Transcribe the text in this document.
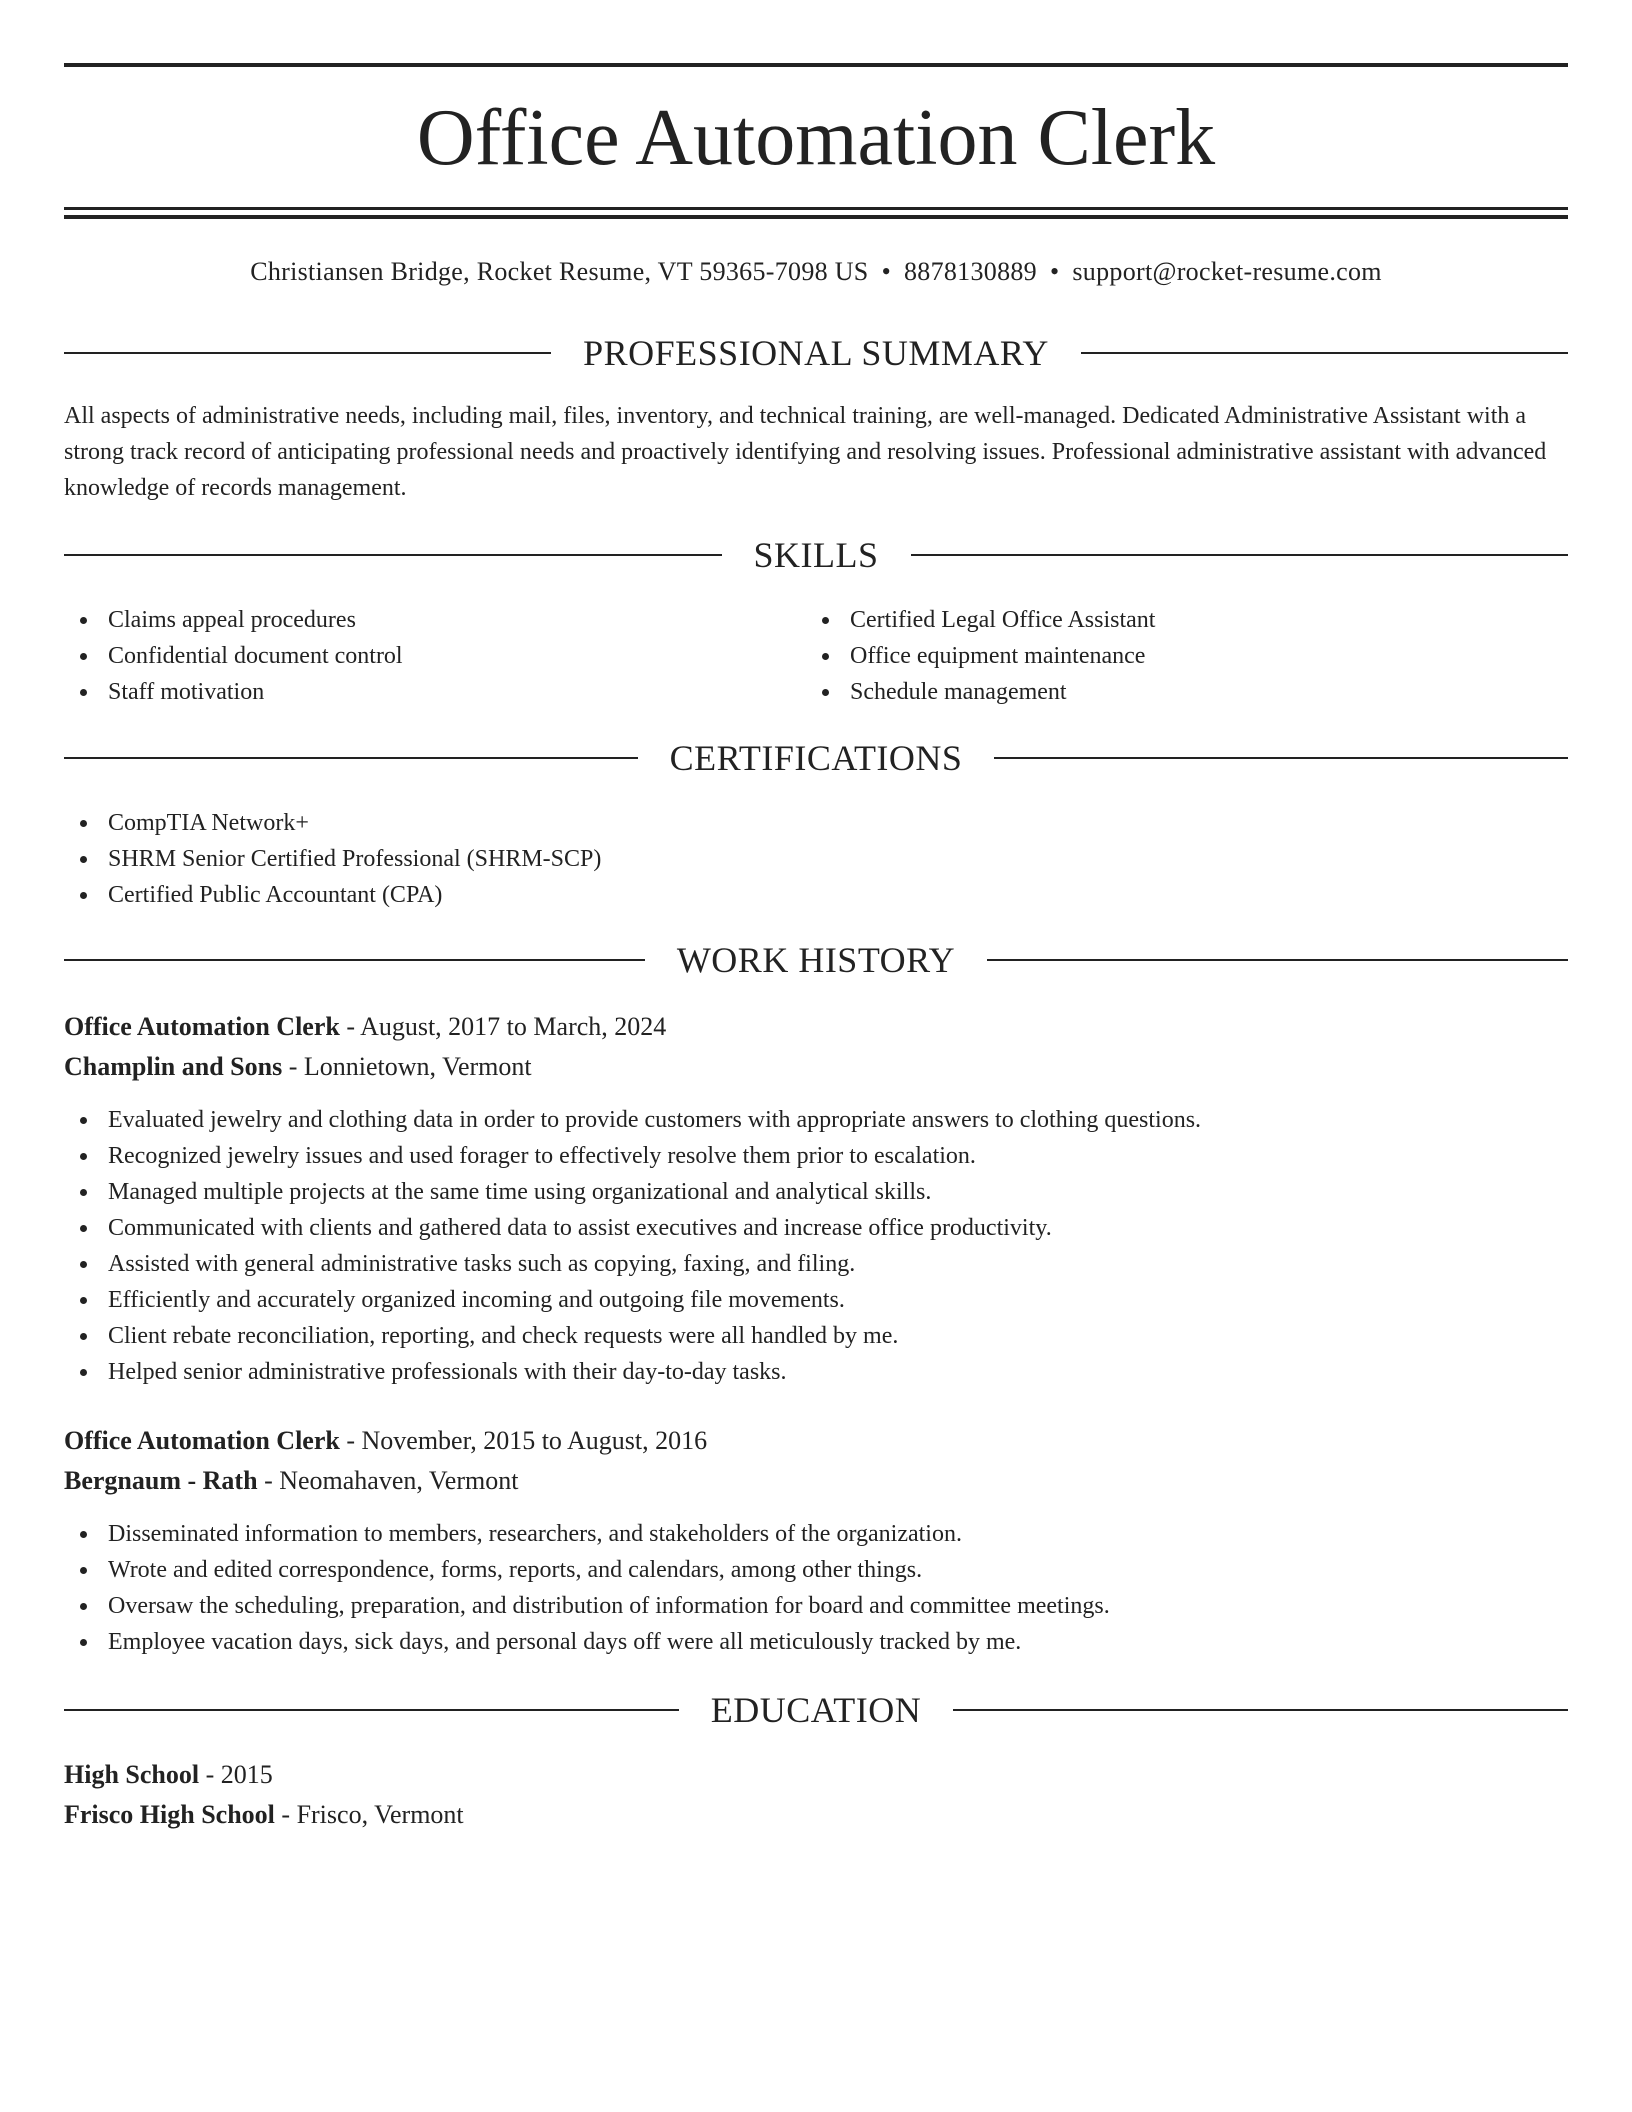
Office Automation Clerk
Christiansen Bridge, Rocket Resume, VT 59365-7098 US • 8878130889 • support@rocket-resume.com
PROFESSIONAL SUMMARY

All aspects of administrative needs, including mail, files, inventory, and technical training, are well-managed. Dedicated Administrative Assistant with a strong track record of anticipating professional needs and proactively identifying and resolving issues. Professional administrative assistant with advanced knowledge of records management.

SKILLS
Claims appeal procedures
Confidential document control
Staff motivation
Certified Legal Office Assistant
Office equipment maintenance
Schedule management
CERTIFICATIONS
CompTIA Network+
SHRM Senior Certified Professional (SHRM-SCP)
Certified Public Accountant (CPA)
WORK HISTORY
Office Automation Clerk - August, 2017 to March, 2024
Champlin and Sons - Lonnietown, Vermont
Evaluated jewelry and clothing data in order to provide customers with appropriate answers to clothing questions.
Recognized jewelry issues and used forager to effectively resolve them prior to escalation.
Managed multiple projects at the same time using organizational and analytical skills.
Communicated with clients and gathered data to assist executives and increase office productivity.
Assisted with general administrative tasks such as copying, faxing, and filing.
Efficiently and accurately organized incoming and outgoing file movements.
Client rebate reconciliation, reporting, and check requests were all handled by me.
Helped senior administrative professionals with their day-to-day tasks.
Office Automation Clerk - November, 2015 to August, 2016
Bergnaum - Rath - Neomahaven, Vermont
Disseminated information to members, researchers, and stakeholders of the organization.
Wrote and edited correspondence, forms, reports, and calendars, among other things.
Oversaw the scheduling, preparation, and distribution of information for board and committee meetings.
Employee vacation days, sick days, and personal days off were all meticulously tracked by me.
EDUCATION
High School - 2015
Frisco High School - Frisco, Vermont
